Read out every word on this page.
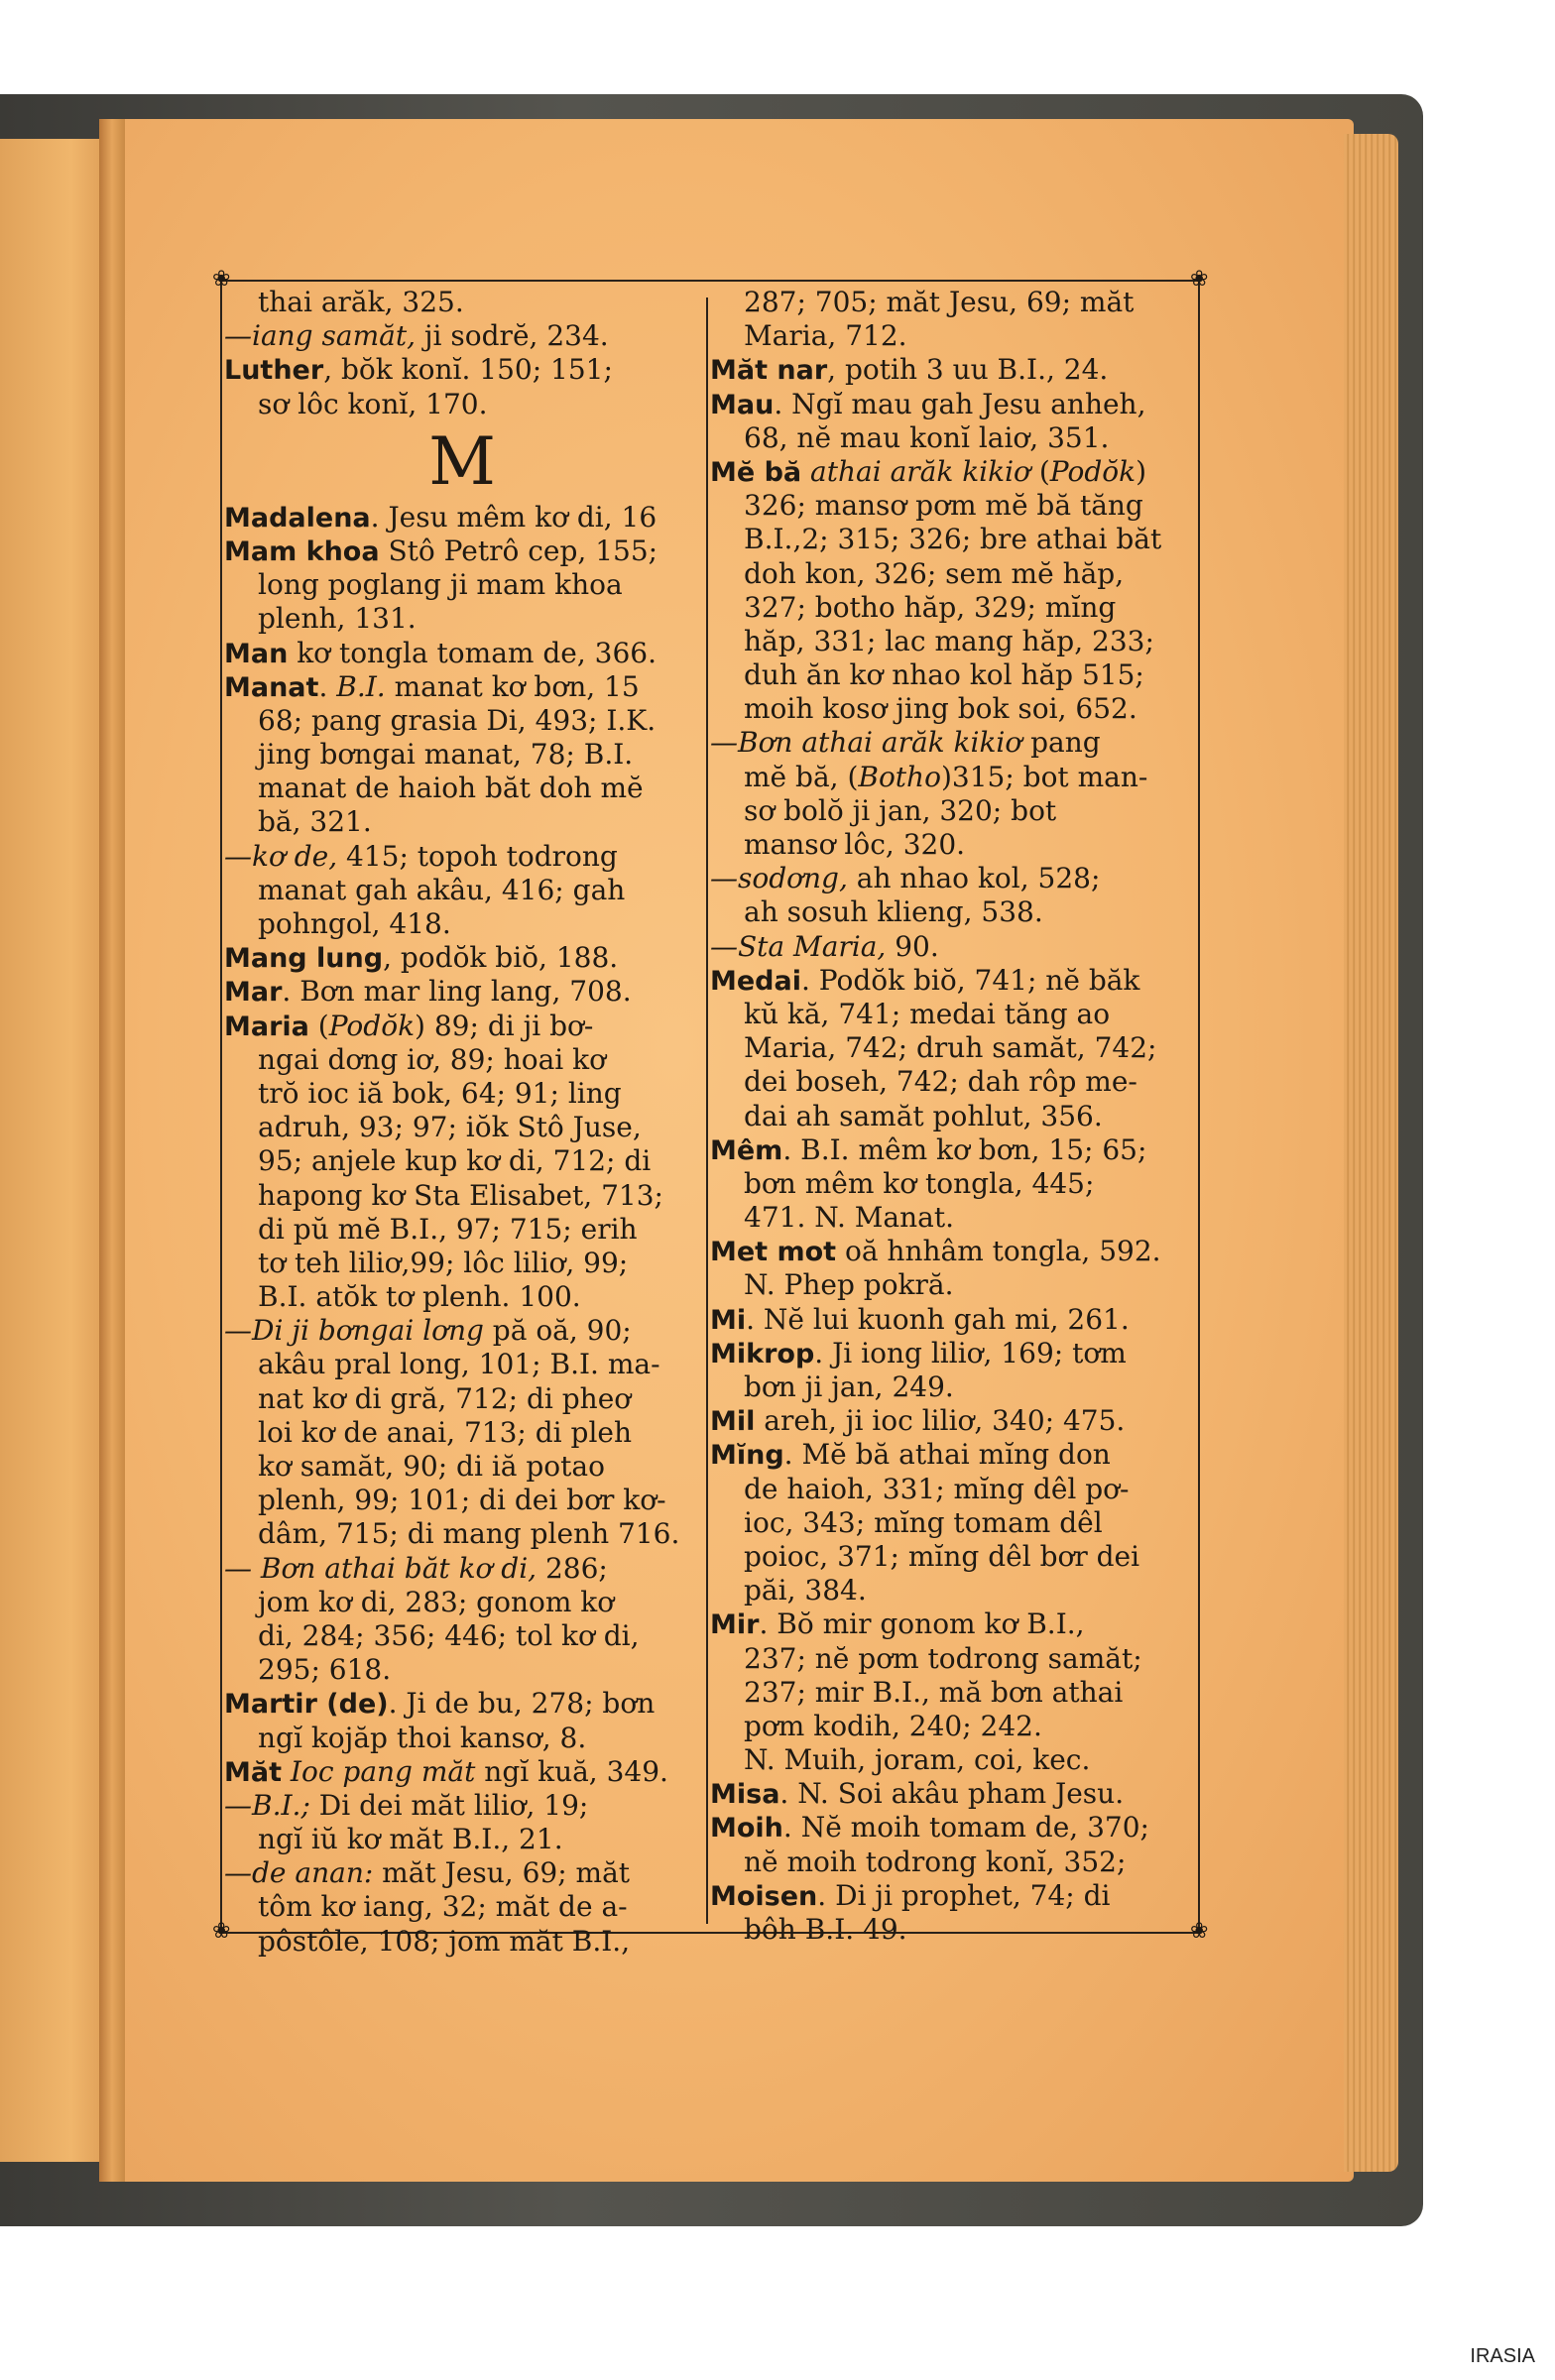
❀	❀
❀	❀
thai arăk, 325.
—iang samăt, ji sodrĕ, 234.
Luther, bŏk konĭ. 150; 151;
sơ lôc konĭ, 170.
M
Madalena. Jesu mêm kơ di, 16
Mam khoa Stô Petrô cep, 155;
long poglang ji mam khoa
plenh, 131.
Man kơ tongla tomam de, 366.
Manat. B.I. manat kơ bơn, 15
68; pang grasia Di, 493; I.K.
jing bơngai manat, 78; B.I.
manat de haioh băt doh mĕ
bă, 321.
—kơ de, 415; topoh todrong
manat gah akâu, 416; gah
pohngol, 418.
Mang lung, podŏk biŏ, 188.
Mar. Bơn mar ling lang, 708.
Maria (Podŏk) 89; di ji bơ-
ngai dơng iơ, 89; hoai kơ
trŏ ioc iă bok, 64; 91; ling
adruh, 93; 97; iŏk Stô Juse,
95; anjele kup kơ di, 712; di
hapong kơ Sta Elisabet, 713;
di pŭ mĕ B.I., 97; 715; erih
tơ teh liliơ,99; lôc liliơ, 99;
B.I. atŏk tơ plenh. 100.
—Di ji bơngai lơng pă oă, 90;
akâu pral long, 101; B.I. ma-
nat kơ di gră, 712; di pheơ
loi kơ de anai, 713; di pleh
kơ samăt, 90; di iă potao
plenh, 99; 101; di dei bơr kơ-
dâm, 715; di mang plenh 716.
— Bơn athai băt kơ di, 286;
jom kơ di, 283; gonom kơ
di, 284; 356; 446; tol kơ di,
295; 618.
Martir (de). Ji de bu, 278; bơn
ngĭ kojăp thoi kansơ, 8.
Măt Ioc pang măt ngĭ kuă, 349.
—B.I.; Di dei măt liliơ, 19;
ngĭ iŭ kơ măt B.I., 21.
—de anan: măt Jesu, 69; măt
tôm kơ iang, 32; măt de a-
pôstôle, 108; jom măt B.I.,
287; 705; măt Jesu, 69; măt
Maria, 712.
Măt nar, potih 3 uu B.I., 24.
Mau. Ngĭ mau gah Jesu anheh,
68, nĕ mau konĭ laiơ, 351.
Mĕ bă athai arăk kikiơ (Podŏk)
326; mansơ pơm mĕ bă tăng
B.I.,2; 315; 326; bre athai băt
doh kon, 326; sem mĕ hăp,
327; botho hăp, 329; mĭng
hăp, 331; lac mang hăp, 233;
duh ăn kơ nhao kol hăp 515;
moih kosơ jing bok soi, 652.
—Bơn athai arăk kikiơ pang
mĕ bă, (Botho)315; bot man-
sơ bolŏ ji jan, 320; bot
mansơ lôc, 320.
—sodơng, ah nhao kol, 528;
ah sosuh klieng, 538.
—Sta Maria, 90.
Medai. Podŏk biŏ, 741; nĕ băk
kŭ kă, 741; medai tăng ao
Maria, 742; druh samăt, 742;
dei boseh, 742; dah rôp me-
dai ah samăt pohlut, 356.
Mêm. B.I. mêm kơ bơn, 15; 65;
bơn mêm kơ tongla, 445;
471. N. Manat.
Met mot oă hnhâm tongla, 592.
N. Phep pokră.
Mi. Nĕ lui kuonh gah mi, 261.
Mikrop. Ji iong liliơ, 169; tơm
bơn ji jan, 249.
Mil areh, ji ioc liliơ, 340; 475.
Mĭng. Mĕ bă athai mĭng don
de haioh, 331; mĭng dêl pơ-
ioc, 343; mĭng tomam dêl
poioc, 371; mĭng dêl bơr dei
păi, 384.
Mir. Bŏ mir gonom kơ B.I.,
237; nĕ pơm todrong samăt;
237; mir B.I., mă bơn athai
pơm kodih, 240; 242.
N. Muih, joram, coi, kec.
Misa. N. Soi akâu pham Jesu.
Moih. Nĕ moih tomam de, 370;
nĕ moih todrong konĭ, 352;
Moisen. Di ji prophet, 74; di
bôh B.I. 49.
IRASIA
